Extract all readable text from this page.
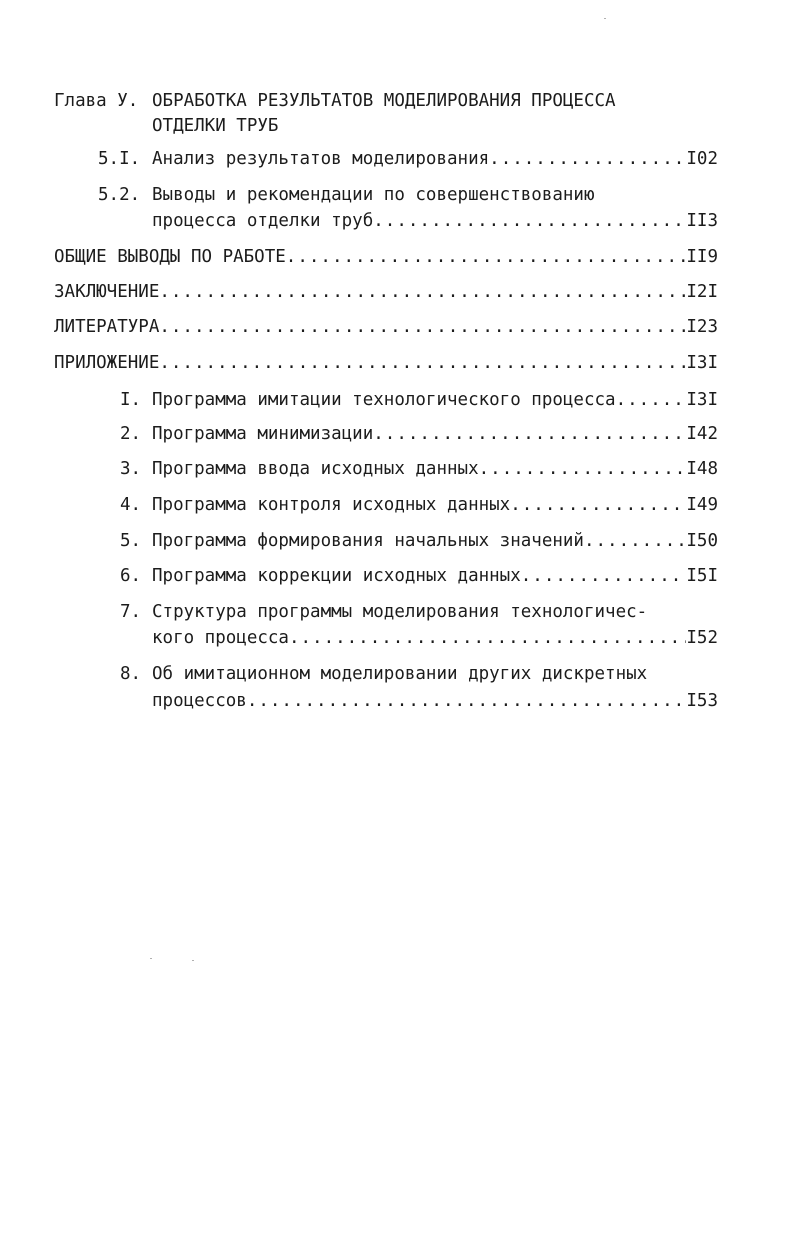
Глава У. ОБРАБОТКА РЕЗУЛЬТАТОВ МОДЕЛИРОВАНИЯ ПРОЦЕССА
ОТДЕЛКИ ТРУБ
5.I. Анализ результатов моделирования .....	I02
5.2. Выводы и рекомендации по совершенствованию
процесса отделки труб .....	II3
ОБЩИЕ ВЫВОДЫ ПО РАБОТЕ .....	II9
ЗАКЛЮЧЕНИЕ .....	I2I
ЛИТЕРАТУРА .....	I23
ПРИЛОЖЕНИЕ .....	I3I
I. Программа имитации технологического процесса .....	I3I
2. Программа минимизации .....	I42
3. Программа ввода исходных данных .....	I48
4. Программа контроля исходных данных .....	I49
5. Программа формирования начальных значений .....	I50
6. Программа коррекции исходных данных .....	I5I
7. Структура программы моделирования технологичес-
кого процесса .....	I52
8. Об имитационном моделировании других дискретных
процессов .....	I53
